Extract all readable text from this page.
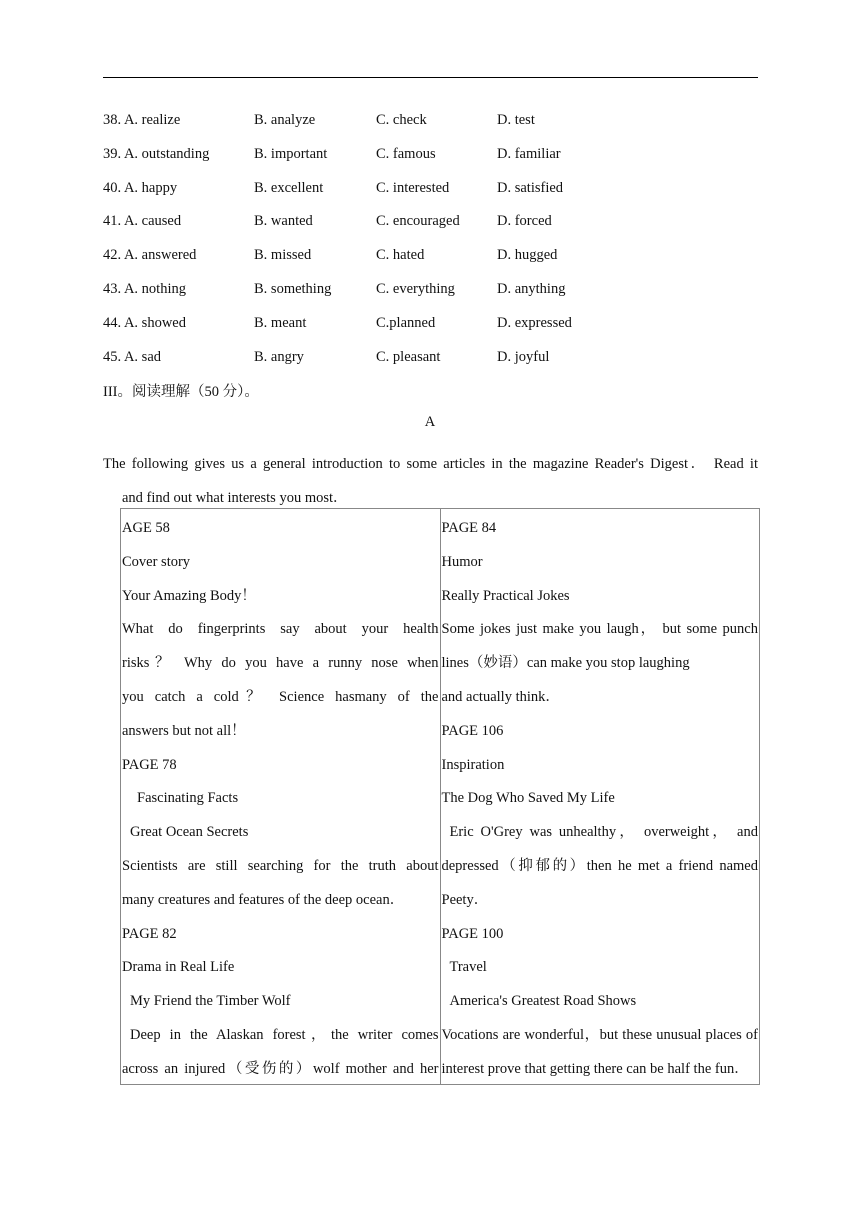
38. A. realize	B. analyze	C. check	D. test
39. A. outstanding	B. important	C. famous	D. familiar
40. A. happy	B. excellent	C. interested	D. satisfied
41. A. caused	B. wanted	C. encouraged	D. forced
42. A. answered	B. missed	C. hated	D. hugged
43. A. nothing	B. something	C. everything	D. anything
44. A. showed	B. meant	C.planned	D. expressed
45. A. sad	B. angry	C. pleasant	D. joyful
III。阅读理解（50 分）。
A
The following gives us a general introduction to some articles in the magazine Reader's Digest． Read it
and find out what interests you most．
AGE 58
Cover story
Your Amazing Body！
What do fingerprints say about your health
risks？ Why do you have a runny nose when
you catch a cold？ Science hasmany of the
answers but not all！
PAGE 78
Fascinating Facts
Great Ocean Secrets
Scientists are still searching for the truth about
many creatures and features of the deep ocean．
PAGE 82
Drama in Real Life
My Friend the Timber Wolf
Deep in the Alaskan forest，the writer comes
across an injured（受伤的）wolf mother and her

PAGE 84
Humor
Really Practical Jokes
Some jokes just make you laugh， but some punch
lines（妙语）can make you stop laughing
and actually think．
PAGE 106
Inspiration
The Dog Who Saved My Life
Eric O'Grey was unhealthy， overweight， and
depressed（抑郁的）then he met a friend named
Peety．
PAGE 100
Travel
America's Greatest Road Shows
Vocations are wonderful，but these unusual places of
interest prove that getting there can be half the fun．
